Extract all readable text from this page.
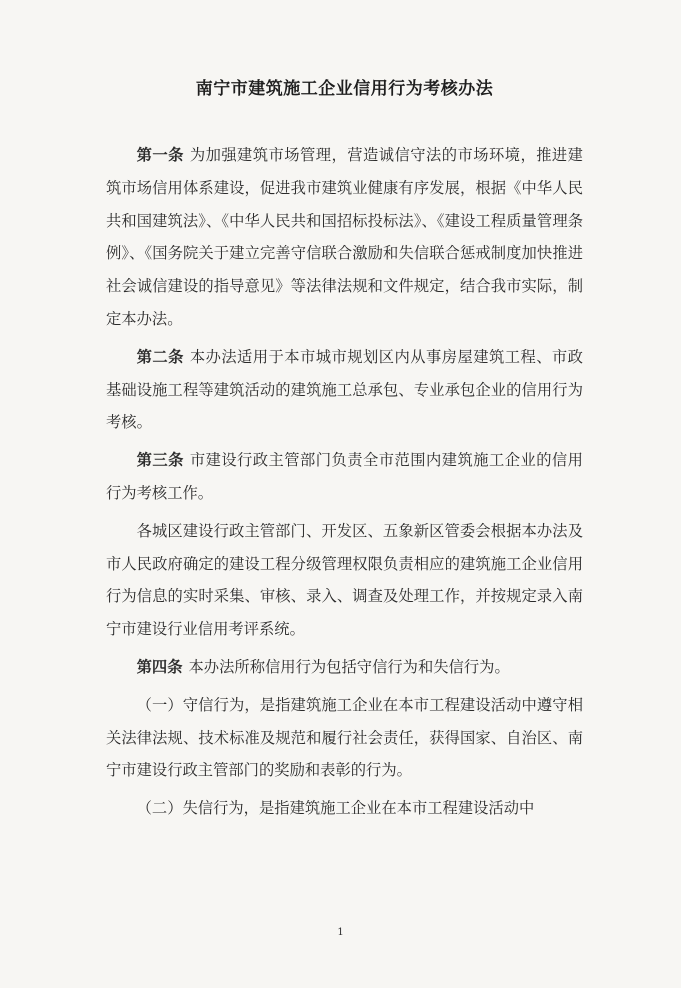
南宁市建筑施工企业信用行为考核办法

第一条 为加强建筑市场管理，营造诚信守法的市场环境，推进建筑市场信用体系建设，促进我市建筑业健康有序发展，根据《中华人民共和国建筑法》、《中华人民共和国招标投标法》、《建设工程质量管理条例》、《国务院关于建立完善守信联合激励和失信联合惩戒制度加快推进社会诚信建设的指导意见》等法律法规和文件规定，结合我市实际，制定本办法。

第二条 本办法适用于本市城市规划区内从事房屋建筑工程、市政基础设施工程等建筑活动的建筑施工总承包、专业承包企业的信用行为考核。

第三条 市建设行政主管部门负责全市范围内建筑施工企业的信用行为考核工作。

各城区建设行政主管部门、开发区、五象新区管委会根据本办法及市人民政府确定的建设工程分级管理权限负责相应的建筑施工企业信用行为信息的实时采集、审核、录入、调查及处理工作，并按规定录入南宁市建设行业信用考评系统。

第四条 本办法所称信用行为包括守信行为和失信行为。

（一）守信行为，是指建筑施工企业在本市工程建设活动中遵守相关法律法规、技术标准及规范和履行社会责任，获得国家、自治区、南宁市建设行政主管部门的奖励和表彰的行为。

（二）失信行为，是指建筑施工企业在本市工程建设活动中

1
